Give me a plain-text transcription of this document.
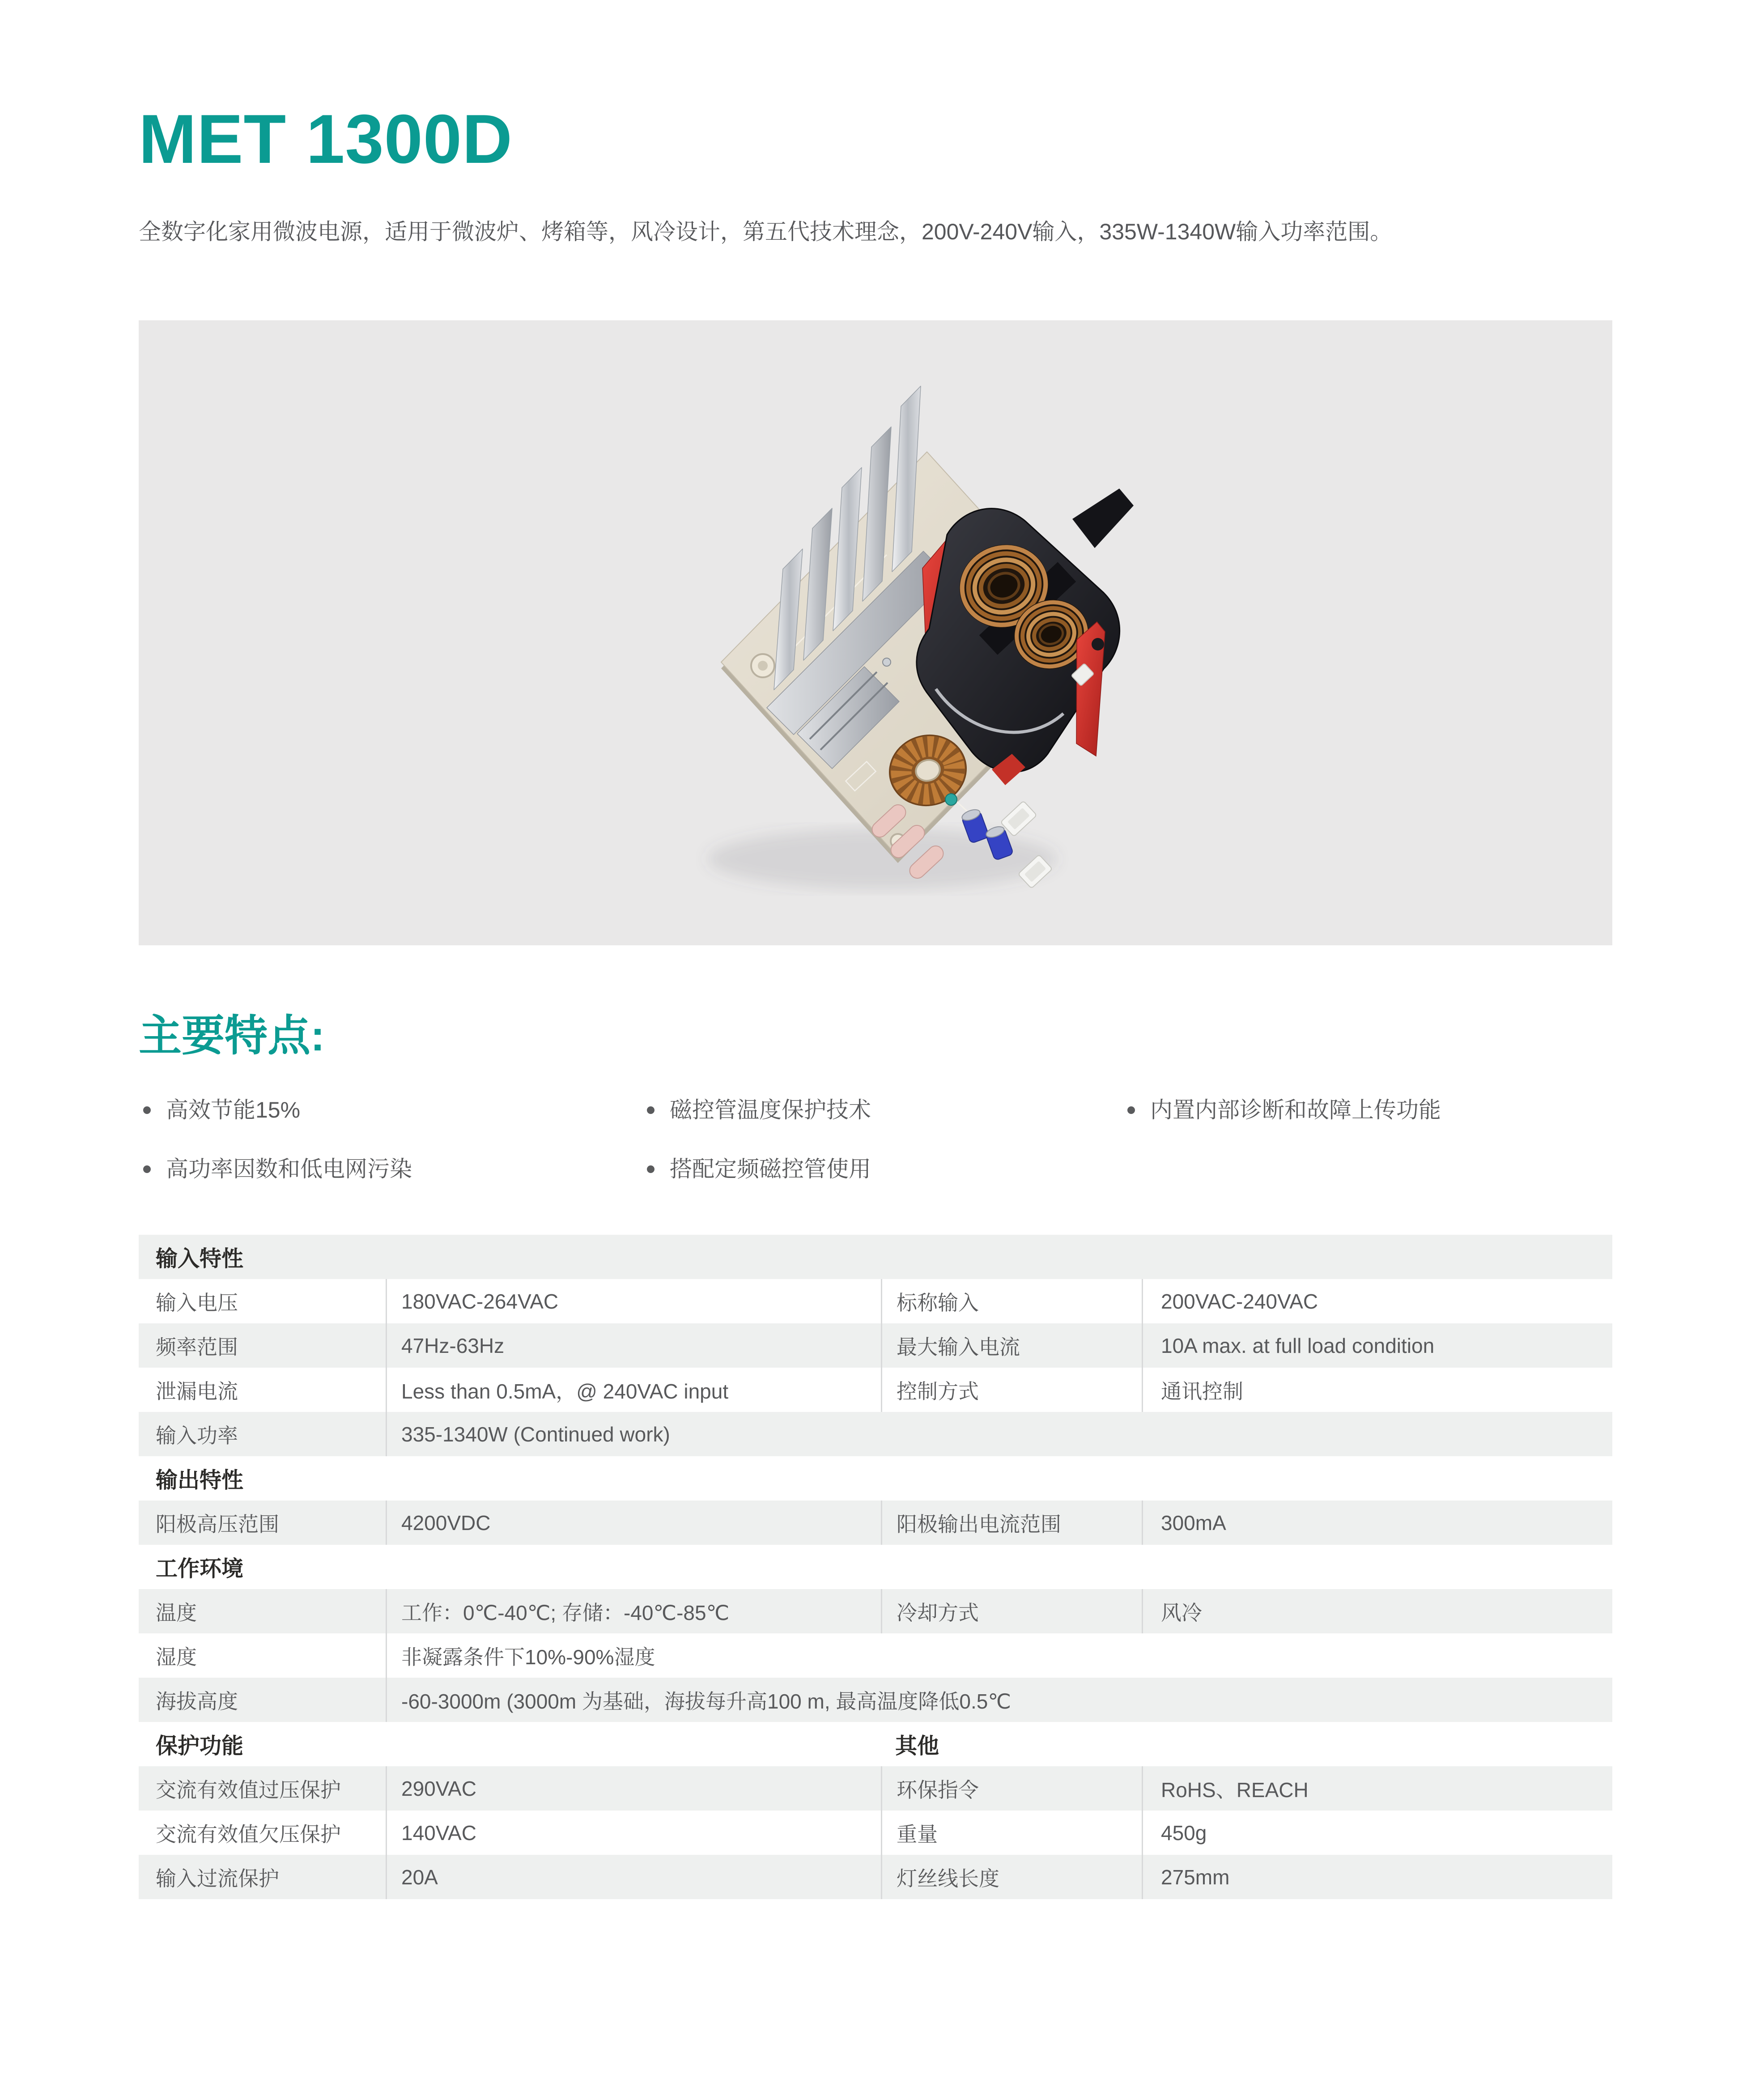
MET 1300D

全数字化家用微波电源，适用于微波炉、烤箱等，风冷设计，第五代技术理念，200V-240V输入，335W-1340W输入功率范围。

主要特点:
高效节能15%	磁控管温度保护技术	内置内部诊断和故障上传功能
高功率因数和低电网污染	搭配定频磁控管使用
输入特性
输入电压	180VAC-264VAC	标称输入	200VAC-240VAC
频率范围	47Hz-63Hz	最大输入电流	10A max. at full load condition
泄漏电流	Less than 0.5mA，@ 240VAC input	控制方式	通讯控制
输入功率	335-1340W (Continued work)
输出特性
阳极高压范围	4200VDC	阳极输出电流范围	300mA
工作环境
温度	工作：0℃-40℃; 存储：-40℃-85℃	冷却方式	风冷
湿度	非凝露条件下10%-90%湿度
海拔高度	-60-3000m (3000m 为基础，海拔每升高100 m, 最高温度降低0.5℃
保护功能	其他
交流有效值过压保护	290VAC	环保指令	RoHS、REACH
交流有效值欠压保护	140VAC	重量	450g
输入过流保护	20A	灯丝线长度	275mm
